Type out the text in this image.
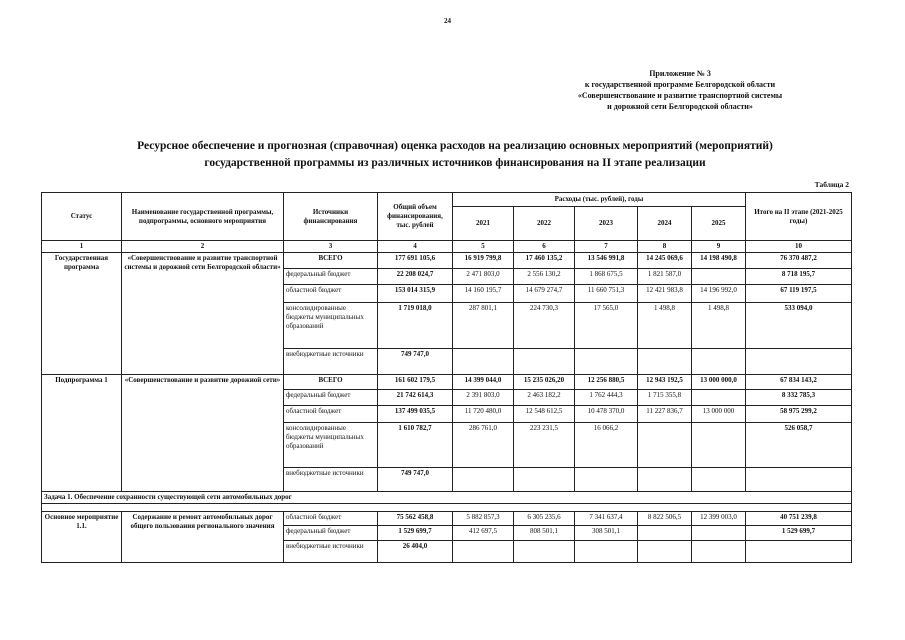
24
Приложение № 3
к государственной программе Белгородской области
«Совершенствование и развитие транспортной системы
и дорожной сети Белгородской области»
Ресурсное обеспечение и прогнозная (справочная) оценка расходов на реализацию основных мероприятий (мероприятий)
государственной программы из различных источников финансирования на II этапе реализации
Таблица 2
Статус	Наименование государственной программы, подпрограммы, основного мероприятия	Источники финансирования	Общий объем финансирования, тыс. рублей	Расходы (тыс. рублей), годы					Итого на II этапе (2021-2025 годы)
				2021	2022	2023	2024	2025	
1	2	3	4	5	6	7	8	9	10
Государственная программа	«Совершенствование и развитие транспортной системы и дорожной сети Белгородской области»	ВСЕГО	177 691 105,6	16 919 799,8	17 460 135,2	13 546 991,8	14 245 069,6	14 198 490,8	76 370 487,2
		федеральный бюджет	22 208 024,7	2 471 803,0	2 556 130,2	1 868 675,5	1 821 587,0		8 718 195,7
		областной бюджет	153 014 315,9	14 160 195,7	14 679 274,7	11 660 751,3	12 421 983,8	14 196 992,0	67 119 197,5
		консолидированные бюджеты муниципальных образований	1 719 018,0	287 801,1	224 730,3	17 565,0	1 498,8	1 498,8	533 094,0
		внебюджетные источники	749 747,0						
Подпрограмма 1	«Совершенствование и развитие дорожной сети»	ВСЕГО	161 602 179,5	14 399 044,0	15 235 026,20	12 256 880,5	12 943 192,5	13 000 000,0	67 834 143,2
		федеральный бюджет	21 742 614,3	2 391 803,0	2 463 182,2	1 762 444,3	1 715 355,8		8 332 785,3
		областной бюджет	137 499 035,5	11 720 480,0	12 548 612,5	10 478 370,0	11 227 836,7	13 000 000	58 975 299,2
		консолидированные бюджеты муниципальных образований	1 610 782,7	286 761,0	223 231,5	16 066,2			526 058,7
		внебюджетные источники	749 747,0						
Задача 1. Обеспечение сохранности существующей сети автомобильных дорог									

Основное мероприятие 1.1.	Содержание и ремонт автомобильных дорог общего пользования регионального значения	областной бюджет	75 562 458,8	5 882 857,3	6 305 235,6	7 341 637,4	8 822 506,5	12 399 003,0	40 751 239,8
		федеральный бюджет	1 529 699,7	412 697,5	808 501,1	308 501,1			1 529 699,7
		внебюджетные источники	26 404,0						
